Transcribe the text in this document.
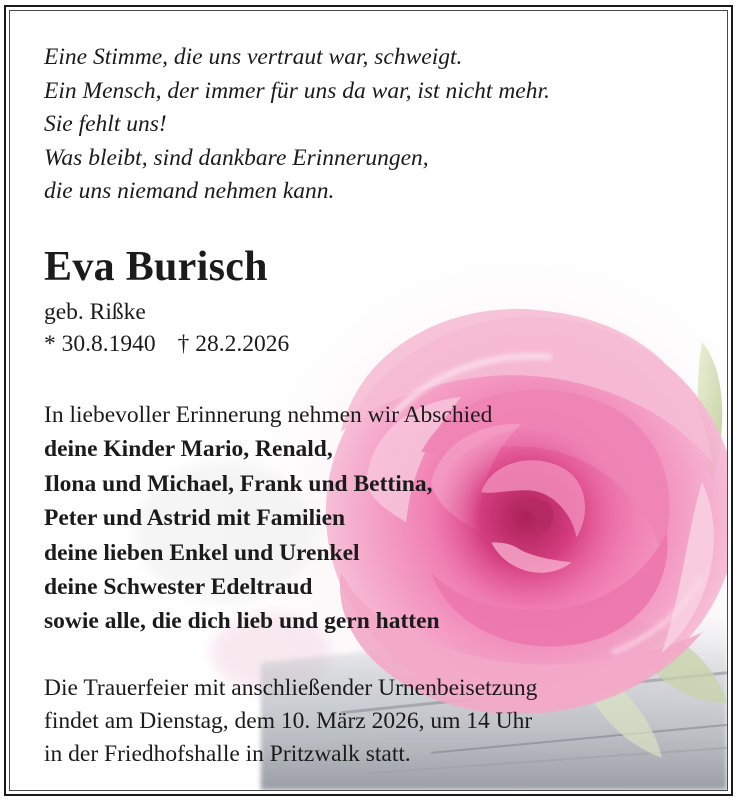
Eine Stimme, die uns vertraut war, schweigt.
Ein Mensch, der immer für uns da war, ist nicht mehr.
Sie fehlt uns!
Was bleibt, sind dankbare Erinnerungen,
die uns niemand nehmen kann.
Eva Burisch
geb. Rißke
* 30.8.1940 † 28.2.2026
In liebevoller Erinnerung nehmen wir Abschied
deine Kinder Mario, Renald,
Ilona und Michael, Frank und Bettina,
Peter und Astrid mit Familien
deine lieben Enkel und Urenkel
deine Schwester Edeltraud
sowie alle, die dich lieb und gern hatten
Die Trauerfeier mit anschließender Urnenbeisetzung
findet am Dienstag, dem 10. März 2026, um 14 Uhr
in der Friedhofshalle in Pritzwalk statt.
